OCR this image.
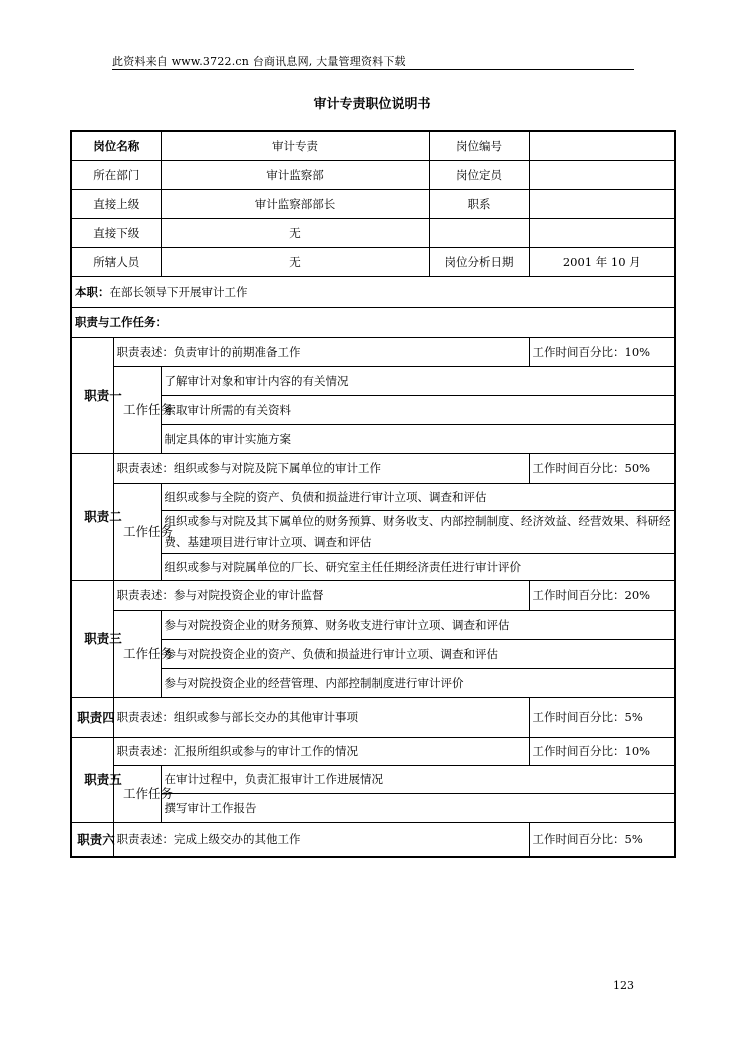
此资料来自 www.3722.cn 台商讯息网, 大量管理资料下载
审计专责职位说明书
岗位名称		审计专责	岗位编号	
所在部门		审计监察部	岗位定员	
直接上级		审计监察部部长	职系	
直接下级		无		
所辖人员		无	岗位分析日期	2001 年 10 月
本职：在部长领导下开展审计工作				
职责与工作任务：				
职责一	职责表述：负责审计的前期准备工作			工作时间百分比：10%
	工作任务	了解审计对象和审计内容的有关情况		
		索取审计所需的有关资料		
		制定具体的审计实施方案		
职责二	职责表述：组织或参与对院及院下属单位的审计工作			工作时间百分比：50%
	工作任务	组织或参与全院的资产、负债和损益进行审计立项、调查和评估		
		组织或参与对院及其下属单位的财务预算、财务收支、内部控制制度、经济效益、经营效果、科研经费、基建项目进行审计立项、调查和评估		
		组织或参与对院属单位的厂长、研究室主任任期经济责任进行审计评价		
职责三	职责表述：参与对院投资企业的审计监督			工作时间百分比：20%
	工作任务	参与对院投资企业的财务预算、财务收支进行审计立项、调查和评估		
		参与对院投资企业的资产、负债和损益进行审计立项、调查和评估		
		参与对院投资企业的经营管理、内部控制制度进行审计评价		
职责四	职责表述：组织或参与部长交办的其他审计事项			工作时间百分比：5%
职责五	职责表述：汇报所组织或参与的审计工作的情况			工作时间百分比：10%
	工作任务	在审计过程中，负责汇报审计工作进展情况		
		撰写审计工作报告		
职责六	职责表述：完成上级交办的其他工作			工作时间百分比：5%
123
